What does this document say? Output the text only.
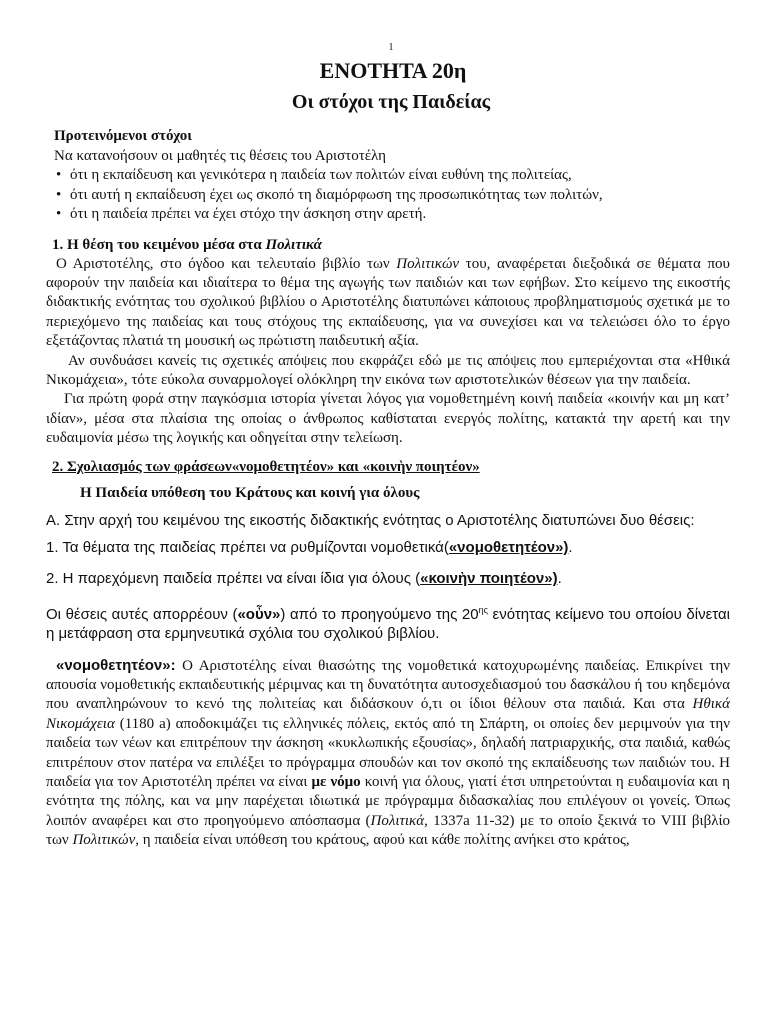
1
ΕΝΟΤΗΤΑ 20η
Οι στόχοι της Παιδείας
Προτεινόμενοι στόχοι
Να κατανοήσουν οι μαθητές τις θέσεις του Αριστοτέλη
• ότι η εκπαίδευση και γενικότερα η παιδεία των πολιτών είναι ευθύνη της πολιτείας,
• ότι αυτή η εκπαίδευση έχει ως σκοπό τη διαμόρφωση της προσωπικότητας των πολιτών,
• ότι η παιδεία πρέπει να έχει στόχο την άσκηση στην αρετή.
1. Η θέση του κειμένου μέσα στα Πολιτικά

Ο Αριστοτέλης, στο όγδοο και τελευταίο βιβλίο των Πολιτικών του, αναφέρεται διεξοδικά σε θέματα που αφορούν την παιδεία και ιδιαίτερα το θέμα της αγωγής των παιδιών και των εφήβων. Στο κείμενο της εικοστής διδακτικής ενότητας του σχολικού βιβλίου ο Αριστοτέλης διατυπώνει κάποιους προβληματισμούς σχετικά με το περιεχόμενο της παιδείας και τους στόχους της εκπαίδευσης, για να συνεχίσει και να τελειώσει όλο το έργο εξετάζοντας πλατιά τη μουσική ως πρώτιστη παιδευτική αξία.

Αν συνδυάσει κανείς τις σχετικές απόψεις που εκφράζει εδώ με τις απόψεις που εμπεριέχονται στα «Ηθικά Νικομάχεια», τότε εύκολα συναρμολογεί ολόκληρη την εικόνα των αριστοτελικών θέσεων για την παιδεία.

Για πρώτη φορά στην παγκόσμια ιστορία γίνεται λόγος για νομοθετημένη κοινή παιδεία «κοινήν και μη κατ’ ιδίαν», μέσα στα πλαίσια της οποίας ο άνθρωπος καθίσταται ενεργός πολίτης, κατακτά την αρετή και την ευδαιμονία μέσω της λογικής και οδηγείται στην τελείωση.

2. Σχολιασμός των φράσεων«νομοθετητέον» και «κοινὴν ποιητέον»
Η Παιδεία υπόθεση του Κράτους και κοινή για όλους

Α. Στην αρχή του κειμένου της εικοστής διδακτικής ενότητας ο Αριστοτέλης διατυπώνει δυο θέσεις:

1. Τα θέματα της παιδείας πρέπει να ρυθμίζονται νομοθετικά(«νομοθετητέον»).

2. Η παρεχόμενη παιδεία πρέπει να είναι ίδια για όλους («κοινὴν ποιητέον»).

Οι θέσεις αυτές απορρέουν («οὖν») από το προηγούμενο της $20^{\eta\varsigma}$ ενότητας κείμενο του οποίου δίνεται η μετάφραση στα ερμηνευτικά σχόλια του σχολικού βιβλίου.

«νομοθετητέον»: Ο Αριστοτέλης είναι θιασώτης της νομοθετικά κατοχυρωμένης παιδείας. Επικρίνει την απουσία νομοθετικής εκπαιδευτικής μέριμνας και τη δυνατότητα αυτοσχεδιασμού του δασκάλου ή του κηδεμόνα που αναπληρώνουν το κενό της πολιτείας και διδάσκουν ό,τι οι ίδιοι θέλουν στα παιδιά. Και στα Ηθικά Νικομάχεια (1180 a) αποδοκιμάζει τις ελληνικές πόλεις, εκτός από τη Σπάρτη, οι οποίες δεν μεριμνούν για την παιδεία των νέων και επιτρέπουν την άσκηση «κυκλωπικής εξουσίας», δηλαδή πατριαρχικής, στα παιδιά, καθώς επιτρέπουν στον πατέρα να επιλέξει το πρόγραμμα σπουδών και τον σκοπό της εκπαίδευσης των παιδιών του. Η παιδεία για τον Αριστοτέλη πρέπει να είναι με νόμο κοινή για όλους, γιατί έτσι υπηρετούνται η ευδαιμονία και η ενότητα της πόλης, και να μην παρέχεται ιδιωτικά με πρόγραμμα διδασκαλίας που επιλέγουν οι γονείς. Όπως λοιπόν αναφέρει και στο προηγούμενο απόσπασμα (Πολιτικά, 1337a 11-32) με το οποίο ξεκινά το VIII βιβλίο των Πολιτικών, η παιδεία είναι υπόθεση του κράτους, αφού και κάθε πολίτης ανήκει στο κράτος,
